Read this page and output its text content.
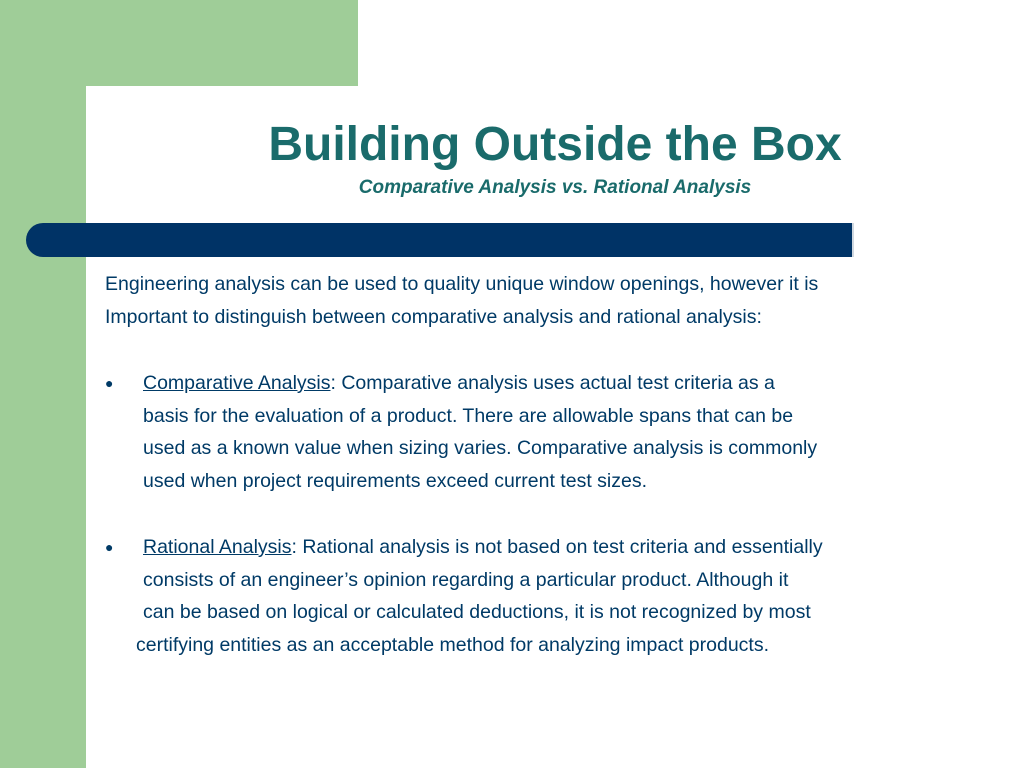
Building Outside the Box
Comparative Analysis vs. Rational Analysis
Engineering analysis can be used to quality unique window openings, however it is
Important to distinguish between comparative analysis and rational analysis:
● Comparative Analysis: Comparative analysis uses actual test criteria as a
basis for the evaluation of a product. There are allowable spans that can be
used as a known value when sizing varies. Comparative analysis is commonly
used when project requirements exceed current test sizes.
● Rational Analysis: Rational analysis is not based on test criteria and essentially
consists of an engineer’s opinion regarding a particular product. Although it
can be based on logical or calculated deductions, it is not recognized by most
certifying entities as an acceptable method for analyzing impact products.
